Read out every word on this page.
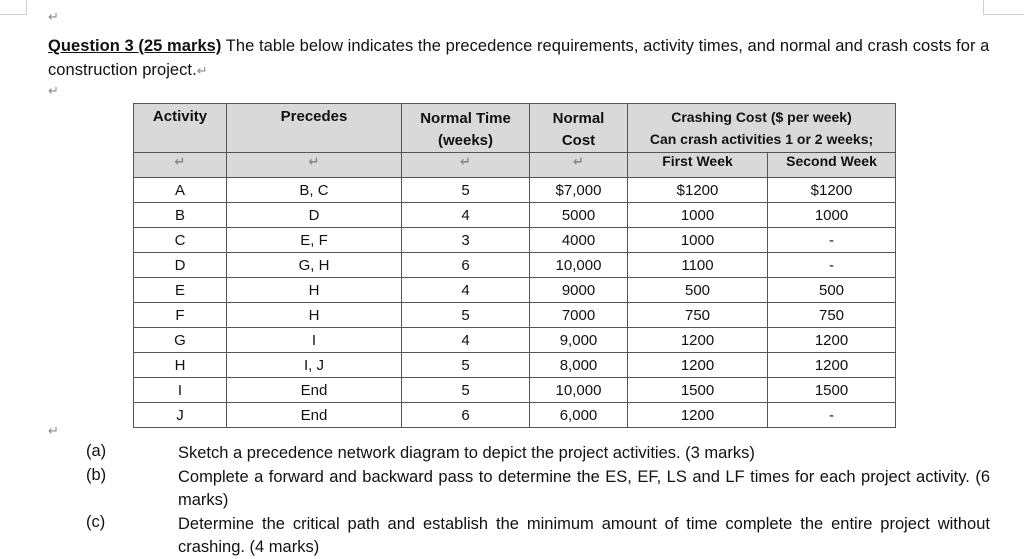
↵
Question 3 (25 marks) The table below indicates the precedence requirements, activity times, and normal and crash costs for a construction project.↵
↵
Activity	Precedes	Normal Time (weeks)	Normal Cost	Crashing Cost ($ per week)
Can crash activities 1 or 2 weeks;	

↵	↵	↵	↵	First Week	Second Week
A	B, C	5	$7,000	$1200	$1200
B	D	4	5000	1000	1000
C	E, F	3	4000	1000	-
D	G, H	6	10,000	1100	-
E	H	4	9000	500	500
F	H	5	7000	750	750
G	I	4	9,000	1200	1200
H	I, J	5	8,000	1200	1200
I	End	5	10,000	1500	1500
J	End	6	6,000	1200	-
↵
(a)	Sketch a precedence network diagram to depict the project activities. (3 marks)
(b)	Complete a forward and backward pass to determine the ES, EF, LS and LF times for each project activity. (6 marks)
(c)	Determine the critical path and establish the minimum amount of time complete the entire project without crashing. (4 marks)
